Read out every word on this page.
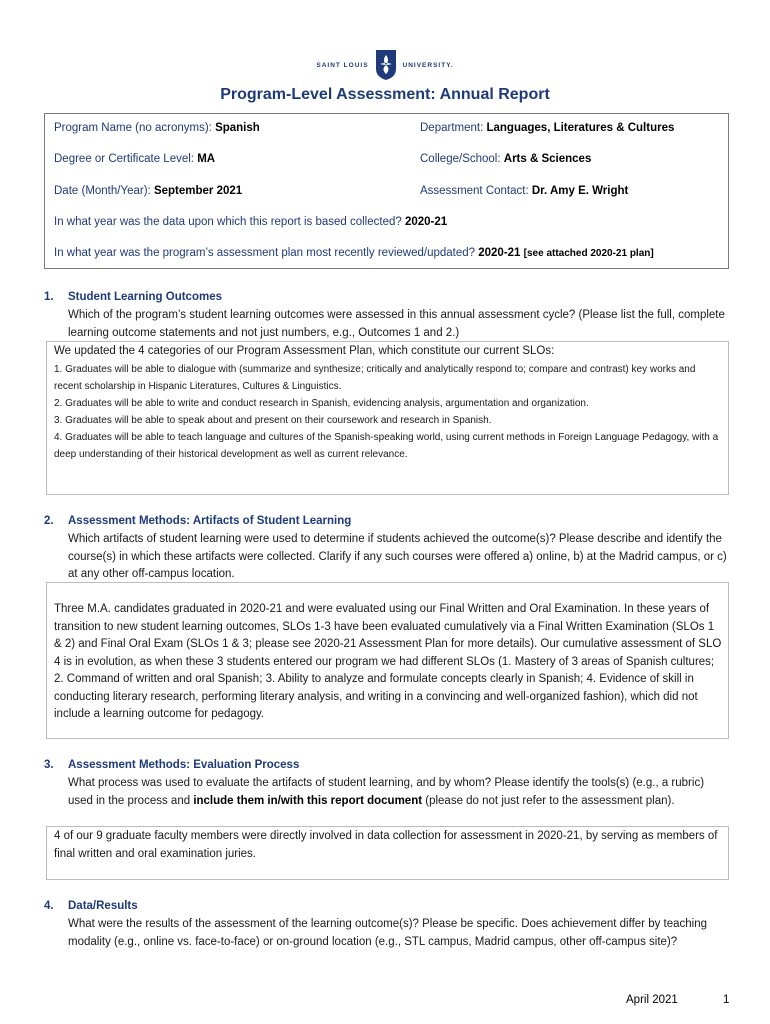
SAINT LOUIS	UNIVERSITY.
Program-Level Assessment: Annual Report
Program Name (no acronyms): Spanish	Department: Languages, Literatures & Cultures
Degree or Certificate Level: MA	College/School: Arts & Sciences
Date (Month/Year): September 2021	Assessment Contact: Dr. Amy E. Wright
In what year was the data upon which this report is based collected? 2020-21
In what year was the program’s assessment plan most recently reviewed/updated? 2020-21 [see attached 2020-21 plan]
1. Student Learning Outcomes
Which of the program’s student learning outcomes were assessed in this annual assessment cycle? (Please list the full, complete learning outcome statements and not just numbers, e.g., Outcomes 1 and 2.)
We updated the 4 categories of our Program Assessment Plan, which constitute our current SLOs:
1. Graduates will be able to dialogue with (summarize and synthesize; critically and analytically respond to; compare and contrast) key works and recent scholarship in Hispanic Literatures, Cultures & Linguistics.
2. Graduates will be able to write and conduct research in Spanish, evidencing analysis, argumentation and organization.
3. Graduates will be able to speak about and present on their coursework and research in Spanish.
4. Graduates will be able to teach language and cultures of the Spanish-speaking world, using current methods in Foreign Language Pedagogy, with a deep understanding of their historical development as well as current relevance.
2. Assessment Methods: Artifacts of Student Learning
Which artifacts of student learning were used to determine if students achieved the outcome(s)? Please describe and identify the course(s) in which these artifacts were collected. Clarify if any such courses were offered a) online, b) at the Madrid campus, or c) at any other off-campus location.
Three M.A. candidates graduated in 2020-21 and were evaluated using our Final Written and Oral Examination. In these years of transition to new student learning outcomes, SLOs 1-3 have been evaluated cumulatively via a Final Written Examination (SLOs 1 & 2) and Final Oral Exam (SLOs 1 & 3; please see 2020-21 Assessment Plan for more details). Our cumulative assessment of SLO 4 is in evolution, as when these 3 students entered our program we had different SLOs (1. Mastery of 3 areas of Spanish cultures; 2. Command of written and oral Spanish; 3. Ability to analyze and formulate concepts clearly in Spanish; 4. Evidence of skill in conducting literary research, performing literary analysis, and writing in a convincing and well-organized fashion), which did not include a learning outcome for pedagogy.
3. Assessment Methods: Evaluation Process
What process was used to evaluate the artifacts of student learning, and by whom? Please identify the tools(s) (e.g., a rubric) used in the process and include them in/with this report document (please do not just refer to the assessment plan).
4 of our 9 graduate faculty members were directly involved in data collection for assessment in 2020-21, by serving as members of final written and oral examination juries.
4. Data/Results
What were the results of the assessment of the learning outcome(s)? Please be specific. Does achievement differ by teaching modality (e.g., online vs. face-to-face) or on-ground location (e.g., STL campus, Madrid campus, other off-campus site)?
April 2021	1
